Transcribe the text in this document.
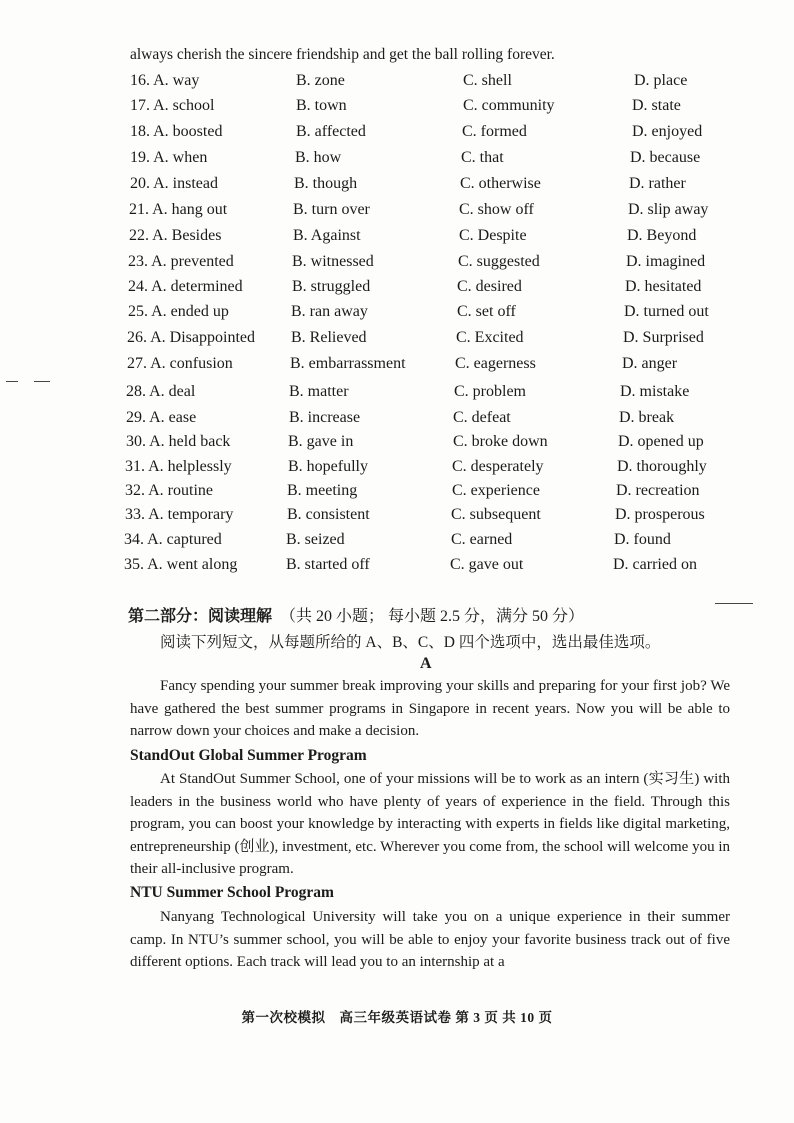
always cherish the sincere friendship and get the ball rolling forever.
16. A. way	B. zone	C. shell	D. place
17. A. school	B. town	C. community	D. state
18. A. boosted	B. affected	C. formed	D. enjoyed
19. A. when	B. how	C. that	D. because
20. A. instead	B. though	C. otherwise	D. rather
21. A. hang out	B. turn over	C. show off	D. slip away
22. A. Besides	B. Against	C. Despite	D. Beyond
23. A. prevented	B. witnessed	C. suggested	D. imagined
24. A. determined	B. struggled	C. desired	D. hesitated
25. A. ended up	B. ran away	C. set off	D. turned out
26. A. Disappointed B. Relieved	C. Excited	D. Surprised
27. A. confusion	B. embarrassment	C. eagerness	D. anger
28. A. deal	B. matter	C. problem	D. mistake
29. A. ease	B. increase	C. defeat	D. break
30. A. held back	B. gave in	C. broke down	D. opened up
31. A. helplessly	B. hopefully	C. desperately	D. thoroughly
32. A. routine	B. meeting	C. experience	D. recreation
33. A. temporary	B. consistent	C. subsequent	D. prosperous
34. A. captured	B. seized	C. earned	D. found
35. A. went along	B. started off	C. gave out	D. carried on
第二部分：阅读理解 （共 20 小题； 每小题 2.5 分，满分 50 分）
阅读下列短文，从每题所给的 A、B、C、D 四个选项中，选出最佳选项。
A
Fancy spending your summer break improving your skills and preparing for your first job? We have gathered the best summer programs in Singapore in recent years. Now you will be able to narrow down your choices and make a decision.
StandOut Global Summer Program
At StandOut Summer School, one of your missions will be to work as an intern (实习生) with leaders in the business world who have plenty of years of experience in the field. Through this program, you can boost your knowledge by interacting with experts in fields like digital marketing, entrepreneurship (创业), investment, etc. Wherever you come from, the school will welcome you in their all-inclusive program.
NTU Summer School Program
Nanyang Technological University will take you on a unique experience in their summer camp. In NTU’s summer school, you will be able to enjoy your favorite business track out of five different options. Each track will lead you to an internship at a
第一次校模拟　高三年级英语试卷 第 3 页 共 10 页
